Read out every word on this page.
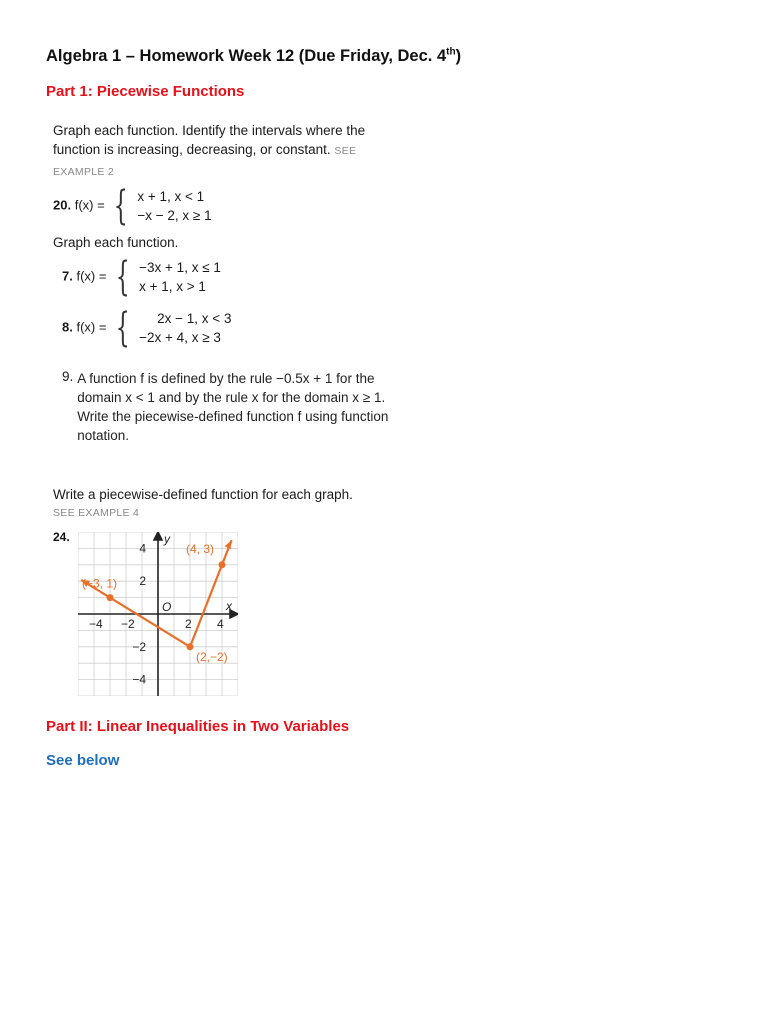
Algebra 1 – Homework Week 12 (Due Friday, Dec. 4th)
Part 1: Piecewise Functions
Graph each function. Identify the intervals where the function is increasing, decreasing, or constant. SEE EXAMPLE 2
20. f(x) = { x + 1, x < 1
−x − 2, x ≥ 1
Graph each function.
7. f(x) = { −3x + 1, x ≤ 1
x + 1, x > 1
8. f(x) = {	2x − 1, x < 3
−2x + 4, x ≥ 3
9. A function f is defined by the rule −0.5x + 1 for the domain x < 1 and by the rule x for the domain x ≥ 1. Write the piecewise-defined function f using function notation.
Write a piecewise-defined function for each graph.
SEE EXAMPLE 4
24.
x
y
O
−4 −2	2 4
4
2
−2
−4
(−3, 1)
(2,−2)
(4, 3)
Part II: Linear Inequalities in Two Variables
See below
